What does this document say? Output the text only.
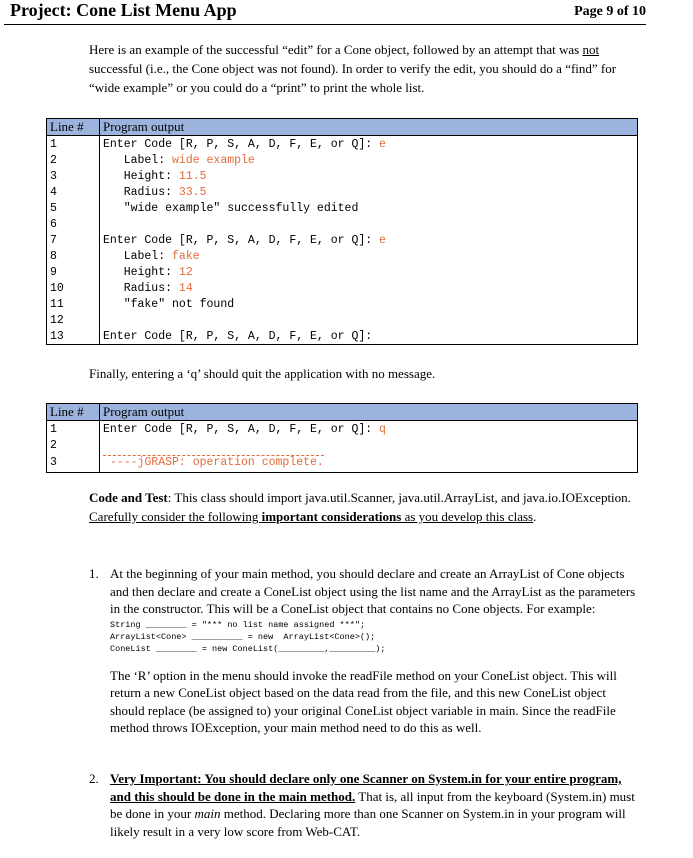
Project: Cone List Menu App	Page 9 of 10
Here is an example of the successful “edit” for a Cone object, followed by an attempt that was not successful (i.e., the Cone object was not found). In order to verify the edit, you should do a “find” for “wide example” or you could do a “print” to print the whole list.
Line #	Program output
1	Enter Code [R, P, S, A, D, F, E, or Q]: e
2	Label: wide example
3	Height: 11.5
4	Radius: 33.5
5	"wide example" successfully edited
6	
7	Enter Code [R, P, S, A, D, F, E, or Q]: e
8	Label: fake
9	Height: 12
10	Radius: 14
11	"fake" not found
12	
13	Enter Code [R, P, S, A, D, F, E, or Q]:
Finally, entering a ‘q’ should quit the application with no message.
Line #	Program output
1	Enter Code [R, P, S, A, D, F, E, or Q]: q
2	
3	----jGRASP: operation complete.
Code and Test: This class should import java.util.Scanner, java.util.ArrayList, and java.io.IOException. Carefully consider the following important considerations as you develop this class.
1. At the beginning of your main method, you should declare and create an ArrayList of Cone objects and then declare and create a ConeList object using the list name and the ArrayList as the parameters in the constructor. This will be a ConeList object that contains no Cone objects. For example:
String ________ = "*** no list name assigned ***";
ArrayList<Cone> __________ = new  ArrayList<Cone>();
ConeList ________ = new ConeList(_________,_________);
The ‘R’ option in the menu should invoke the readFile method on your ConeList object. This will return a new ConeList object based on the data read from the file, and this new ConeList object should replace (be assigned to) your original ConeList object variable in main. Since the readFile method throws IOException, your main method need to do this as well.
2. Very Important: You should declare only one Scanner on System.in for your entire program, and this should be done in the main method. That is, all input from the keyboard (System.in) must be done in your main method. Declaring more than one Scanner on System.in in your program will likely result in a very low score from Web-CAT.
